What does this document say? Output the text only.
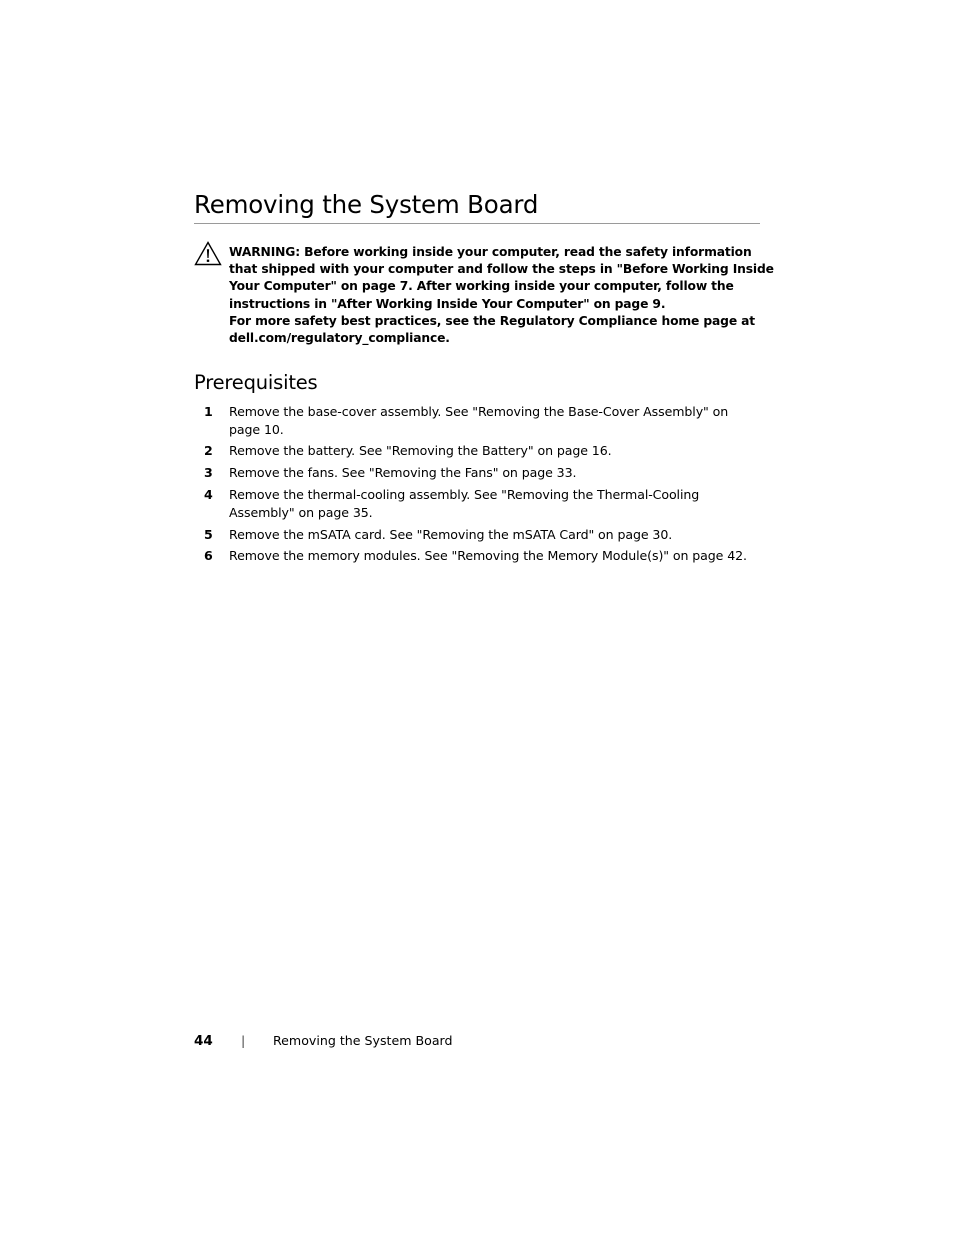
Removing the System Board
WARNING: Before working inside your computer, read the safety information
that shipped with your computer and follow the steps in "Before Working Inside
Your Computer" on page 7. After working inside your computer, follow the
instructions in "After Working Inside Your Computer" on page 9.
For more safety best practices, see the Regulatory Compliance home page at
dell.com/regulatory_compliance.
Prerequisites
1 Remove the base-cover assembly. See "Removing the Base-Cover Assembly" on
page 10.
2 Remove the battery. See "Removing the Battery" on page 16.
3 Remove the fans. See "Removing the Fans" on page 33.
4 Remove the thermal-cooling assembly. See "Removing the Thermal-Cooling
Assembly" on page 35.
5 Remove the mSATA card. See "Removing the mSATA Card" on page 30.
6 Remove the memory modules. See "Removing the Memory Module(s)" on page 42.
44 | Removing the System Board
